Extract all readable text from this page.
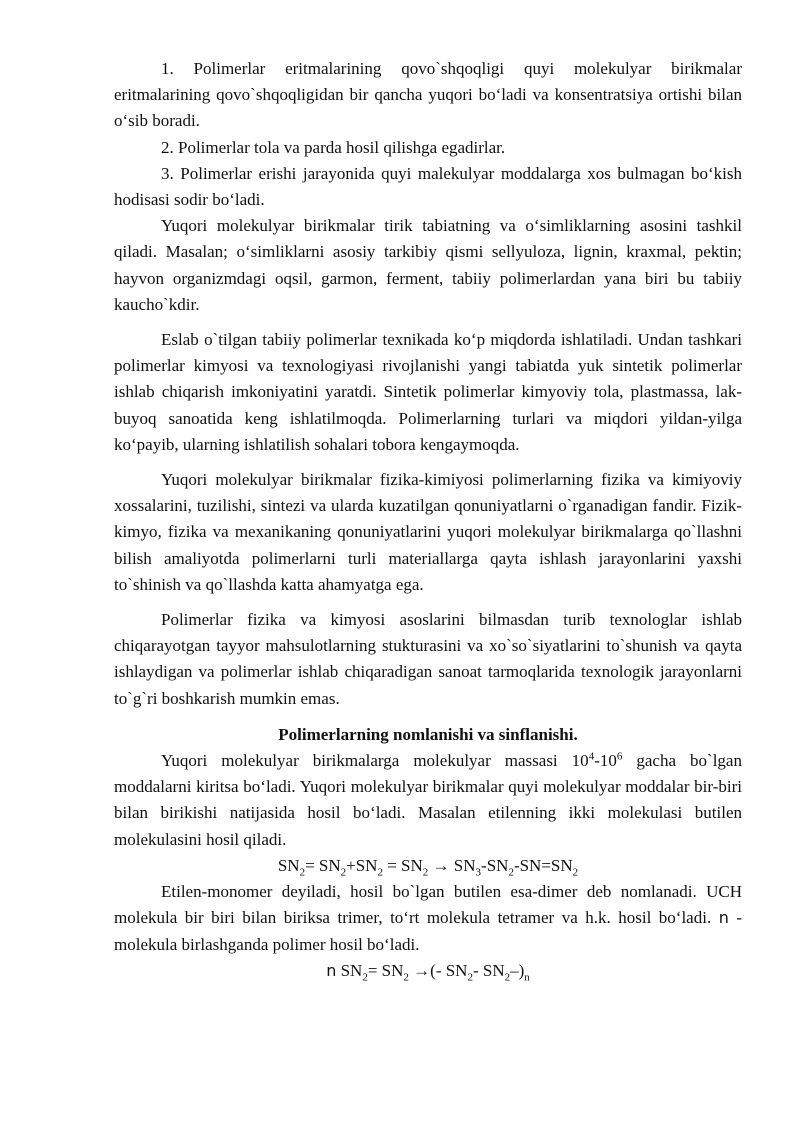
1. Polimerlar eritmalarining qovo`shqoqligi quyi molekulyar birikmalar eritmalarining qovo`shqoqligidan bir qancha yuqori bo‘ladi va konsentratsiya ortishi bilan o‘sib boradi.

2. Polimerlar tola va parda hosil qilishga egadirlar.

3. Polimerlar erishi jarayonida quyi malekulyar moddalarga xos bulmagan bo‘kish hodisasi sodir bo‘ladi.

Yuqori molekulyar birikmalar tirik tabiatning va o‘simliklarning asosini tashkil qiladi. Masalan; o‘simliklarni asosiy tarkibiy qismi sellyuloza, lignin, kraxmal, pektin; hayvon organizmdagi oqsil, garmon, ferment, tabiiy polimerlardan yana biri bu tabiiy kaucho`kdir.

Eslab o`tilgan tabiiy polimerlar texnikada ko‘p miqdorda ishlatiladi. Undan tashkari polimerlar kimyosi va texnologiyasi rivojlanishi yangi tabiatda yuk sintetik polimerlar ishlab chiqarish imkoniyatini yaratdi. Sintetik polimerlar kimyoviy tola, plastmassa, lak-buyoq sanoatida keng ishlatilmoqda. Polimerlarning turlari va miqdori yildan-yilga ko‘payib, ularning ishlatilish sohalari tobora kengaymoqda.

Yuqori molekulyar birikmalar fizika-kimiyosi polimerlarning fizika va kimiyoviy xossalarini, tuzilishi, sintezi va ularda kuzatilgan qonuniyatlarni o`rganadigan fandir. Fizik- kimyo, fizika va mexanikaning qonuniyatlarini yuqori molekulyar birikmalarga qo`llashni bilish amaliyotda polimerlarni turli materiallarga qayta ishlash jarayonlarini yaxshi to`shinish va qo`llashda katta ahamyatga ega.

Polimerlar fizika va kimyosi asoslarini bilmasdan turib texnologlar ishlab chiqarayotgan tayyor mahsulotlarning stukturasini va xo`so`siyatlarini to`shunish va qayta ishlaydigan va polimerlar ishlab chiqaradigan sanoat tarmoqlarida texnologik jarayonlarni to`g`ri boshkarish mumkin emas.

Polimerlarning nomlanishi va sinflanishi.

Yuqori molekulyar birikmalarga molekulyar massasi $10^4-10^6$ gacha bo`lgan moddalarni kiritsa bo‘ladi. Yuqori molekulyar birikmalar quyi molekulyar moddalar bir-biri bilan birikishi natijasida hosil bo‘ladi. Masalan etilenning ikki molekulasi butilen molekulasini hosil qiladi.

$SN_2= SN_2+SN_2 = SN_2 \to SN_3-SN_2-SN=SN_2$

Etilen-monomer deyiladi, hosil bo`lgan butilen esa-dimer deb nomlanadi. UCH molekula bir biri bilan biriksa trimer, to‘rt molekula tetramer va h.k. hosil bo‘ladi. n - molekula birlashganda polimer hosil bo‘ladi.

n $SN_2= SN_2$ →(- $SN_2-$ $SN_2-)_n$
